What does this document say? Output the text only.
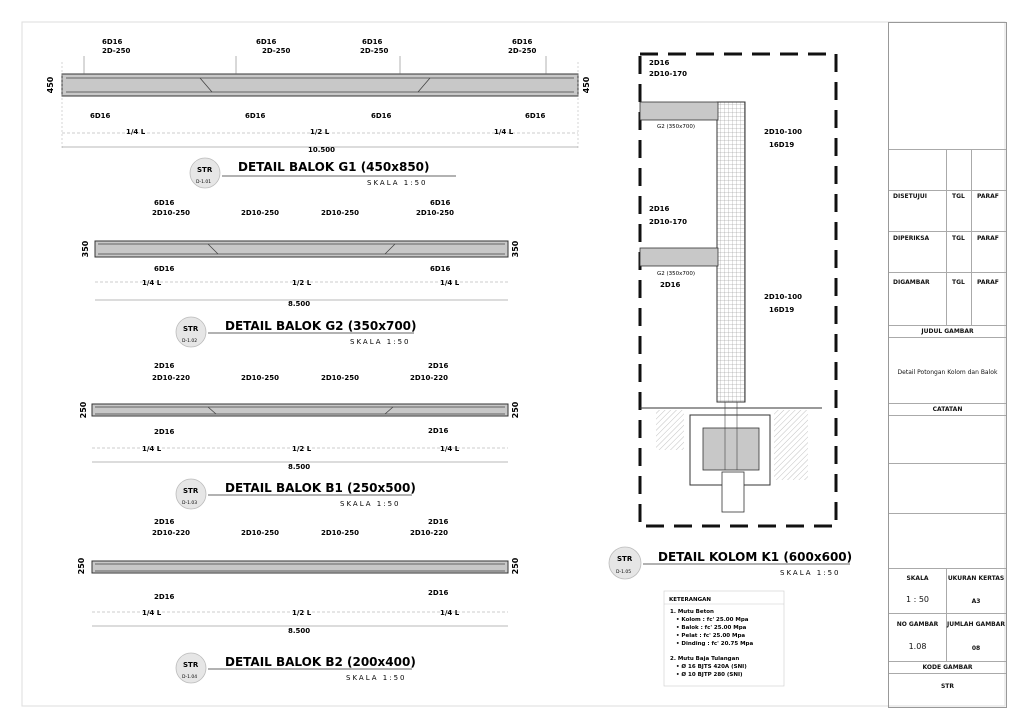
450	450
6D16
2D-250
6D16
2D-250
6D16
2D-250
6D16
2D-250
6D16	6D16	6D16	6D16
1/4 L	1/2 L	1/4 L
10.500
STR
D-1.01
DETAIL BALOK G1 (450x850)
SKALA 1:50
350	350
6D16
2D10-250	2D10-250	2D10-250
6D16
2D10-250
6D16	6D16
1/4 L	1/2 L	1/4 L
8.500
STR
D-1.02
DETAIL BALOK G2 (350x700)
SKALA 1:50
250	250
2D16
2D10-220	2D10-250	2D10-250
2D16
2D10-220
2D16	2D16
1/4 L	1/2 L	1/4 L
8.500
STR
D-1.03
DETAIL BALOK B1 (250x500)
SKALA 1:50
250	250
2D16
2D10-220	2D10-250	2D10-250
2D16
2D10-220
2D16	2D16
1/4 L	1/2 L	1/4 L
8.500
STR
D-1.04
DETAIL BALOK B2 (200x400)
SKALA 1:50
2D16
2D10-170
G2 (350x700)
2D10-100
16D19
2D16
2D10-170
G2 (350x700)
2D16
2D10-100
16D19
STR
D-1.05
DETAIL KOLOM K1 (600x600)
SKALA 1:50
KETERANGAN
1. Mutu Beton
• Kolom : fc' 25.00 Mpa
• Balok : fc' 25.00 Mpa
• Pelat : fc' 25.00 Mpa
• Dinding : fc' 20.75 Mpa
2. Mutu Baja Tulangan
• Ø 16 BJTS 420A (SNI)
• Ø 10 BJTP 280 (SNI)
DISETUJUI	TGL PARAF
DIPERIKSA	TGL PARAF
DIGAMBAR	TGL PARAF
JUDUL GAMBAR
Detail Potongan Kolom dan Balok
CATATAN
SKALA	UKURAN KERTAS
1 : 50	A3
NO GAMBAR	JUMLAH GAMBAR
1.08	08
KODE GAMBAR
STR
